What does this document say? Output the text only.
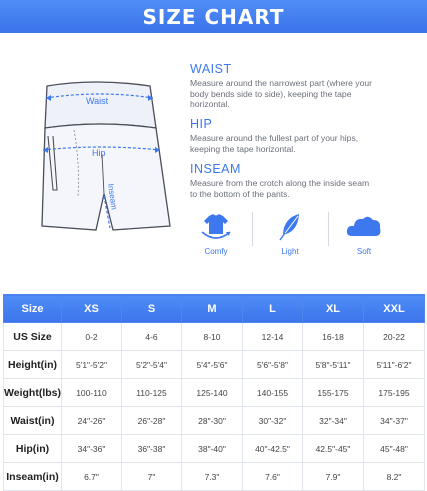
SIZE CHART
Waist
Hip
Inseam

WAIST

Measure around the narrowest part (where your
body bends side to side), keeping the tape
horizontal.

HIP

Measure around the fullest part of your hips,
keeping the tape horizontal.

INSEAM

Measure from the crotch along the inside seam
to the bottom of the pants.

Comfy	Light	Soft
Size	XS	S	M	L	XL	XXL
US Size	0-2	4-6	8-10	12-14	16-18	20-22
Height(in)	5'1"-5'2"	5'2"-5'4"	5'4"-5'6"	5'6"-5'8"	5'8"-5'11"	5'11"-6'2"
Weight(lbs)	100-110	110-125	125-140	140-155	155-175	175-195
Waist(in)	24"-26"	26"-28"	28"-30"	30"-32"	32"-34"	34"-37"
Hip(in)	34"-36"	36"-38"	38"-40"	40"-42.5"	42.5"-45"	45"-48"
Inseam(in)	6.7"	7"	7.3"	7.6"	7.9"	8.2"
